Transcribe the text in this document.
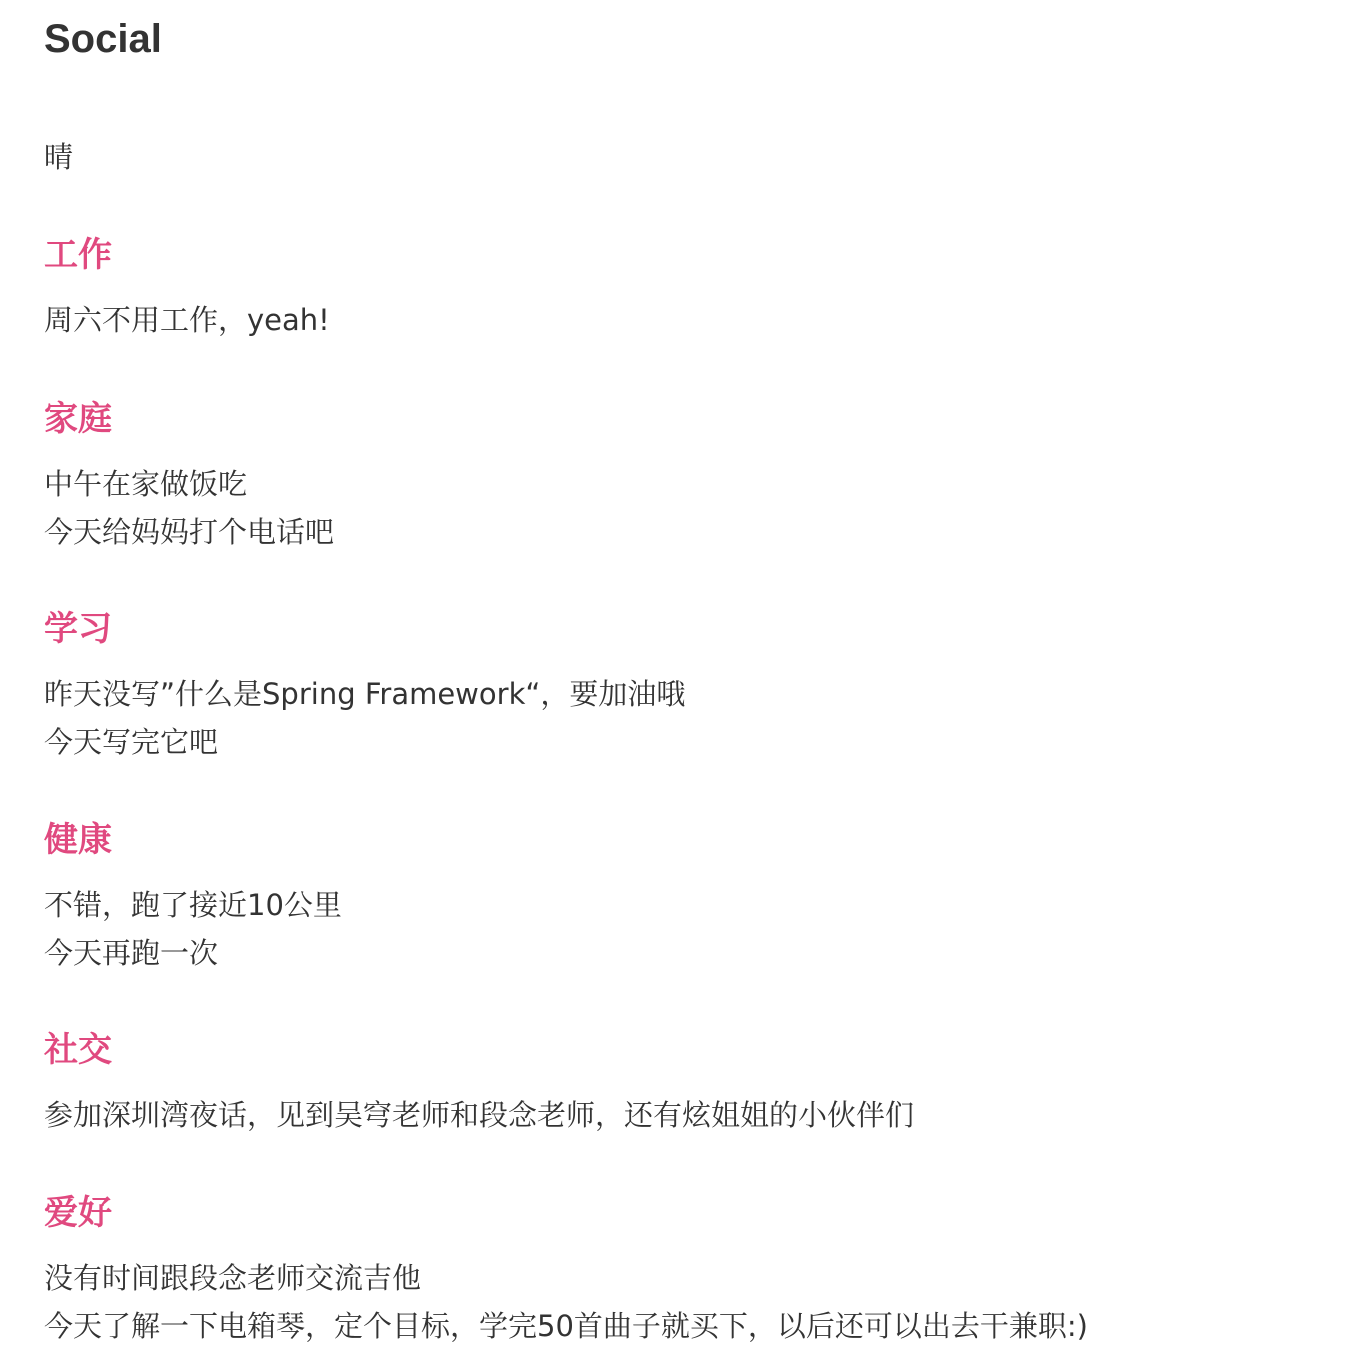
Social

晴

工作
周六不用工作，yeah!
家庭
中午在家做饭吃
今天给妈妈打个电话吧
学习
昨天没写”什么是Spring Framework“，要加油哦
今天写完它吧
健康
不错，跑了接近10公里
今天再跑一次
社交
参加深圳湾夜话，见到吴穹老师和段念老师，还有炫姐姐的小伙伴们
爱好
没有时间跟段念老师交流吉他
今天了解一下电箱琴，定个目标，学完50首曲子就买下，以后还可以出去干兼职:)
